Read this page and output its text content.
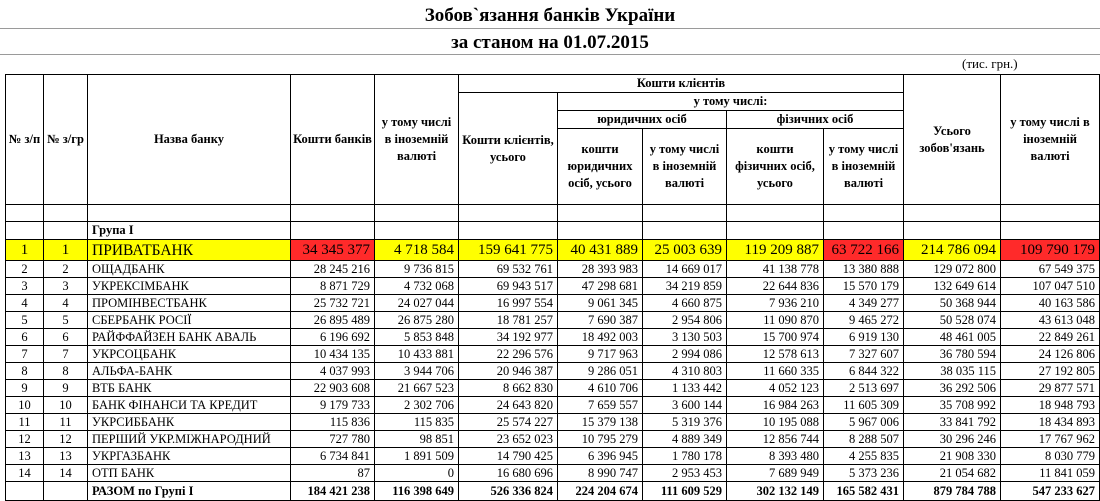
Зобов`язання банків України
за станом на 01.07.2015
(тис. грн.)
№ з/п	№ з/гр	Назва банку	Кошти банків	у тому числі в іноземній валюті	Кошти клієнтів					Усього зобов'язань	у тому числі в іноземній валюті
					Кошти клієнтів, усього	у тому числі:					
						юридичних осіб		фізичних осіб			
						кошти юридичних осіб, усього	у тому числі в іноземній валюті	кошти фізичних осіб, усього	у тому числі в іноземній валюті		

		Група І									
1	1	ПРИВАТБАНК	34 345 377	4 718 584	159 641 775	40 431 889	25 003 639	119 209 887	63 722 166	214 786 094	109 790 179
2	2	ОЩАДБАНК	28 245 216	9 736 815	69 532 761	28 393 983	14 669 017	41 138 778	13 380 888	129 072 800	67 549 375
3	3	УКРЕКСІМБАНК	8 871 729	4 732 068	69 943 517	47 298 681	34 219 859	22 644 836	15 570 179	132 649 614	107 047 510
4	4	ПРОМІНВЕСТБАНК	25 732 721	24 027 044	16 997 554	9 061 345	4 660 875	7 936 210	4 349 277	50 368 944	40 163 586
5	5	СБЕРБАНК РОСІЇ	26 895 489	26 875 280	18 781 257	7 690 387	2 954 806	11 090 870	9 465 272	50 528 074	43 613 048
6	6	РАЙФФАЙЗЕН БАНК АВАЛЬ	6 196 692	5 853 848	34 192 977	18 492 003	3 130 503	15 700 974	6 919 130	48 461 005	22 849 261
7	7	УКРСОЦБАНК	10 434 135	10 433 881	22 296 576	9 717 963	2 994 086	12 578 613	7 327 607	36 780 594	24 126 806
8	8	АЛЬФА-БАНК	4 037 993	3 944 706	20 946 387	9 286 051	4 310 803	11 660 335	6 844 322	38 035 115	27 192 805
9	9	ВТБ БАНК	22 903 608	21 667 523	8 662 830	4 610 706	1 133 442	4 052 123	2 513 697	36 292 506	29 877 571
10	10	БАНК ФІНАНСИ ТА КРЕДИТ	9 179 733	2 302 706	24 643 820	7 659 557	3 600 144	16 984 263	11 605 309	35 708 992	18 948 793
11	11	УКРСИББАНК	115 836	115 835	25 574 227	15 379 138	5 319 376	10 195 088	5 967 006	33 841 792	18 434 893
12	12	ПЕРШИЙ УКР.МІЖНАРОДНИЙ	727 780	98 851	23 652 023	10 795 279	4 889 349	12 856 744	8 288 507	30 296 246	17 767 962
13	13	УКРГАЗБАНК	6 734 841	1 891 509	14 790 425	6 396 945	1 780 178	8 393 480	4 255 835	21 908 330	8 030 779
14	14	ОТП БАНК	87	0	16 680 696	8 990 747	2 953 453	7 689 949	5 373 236	21 054 682	11 841 059
		РАЗОМ по Групі І	184 421 238	116 398 649	526 336 824	224 204 674	111 609 529	302 132 149	165 582 431	879 784 788	547 233 627
